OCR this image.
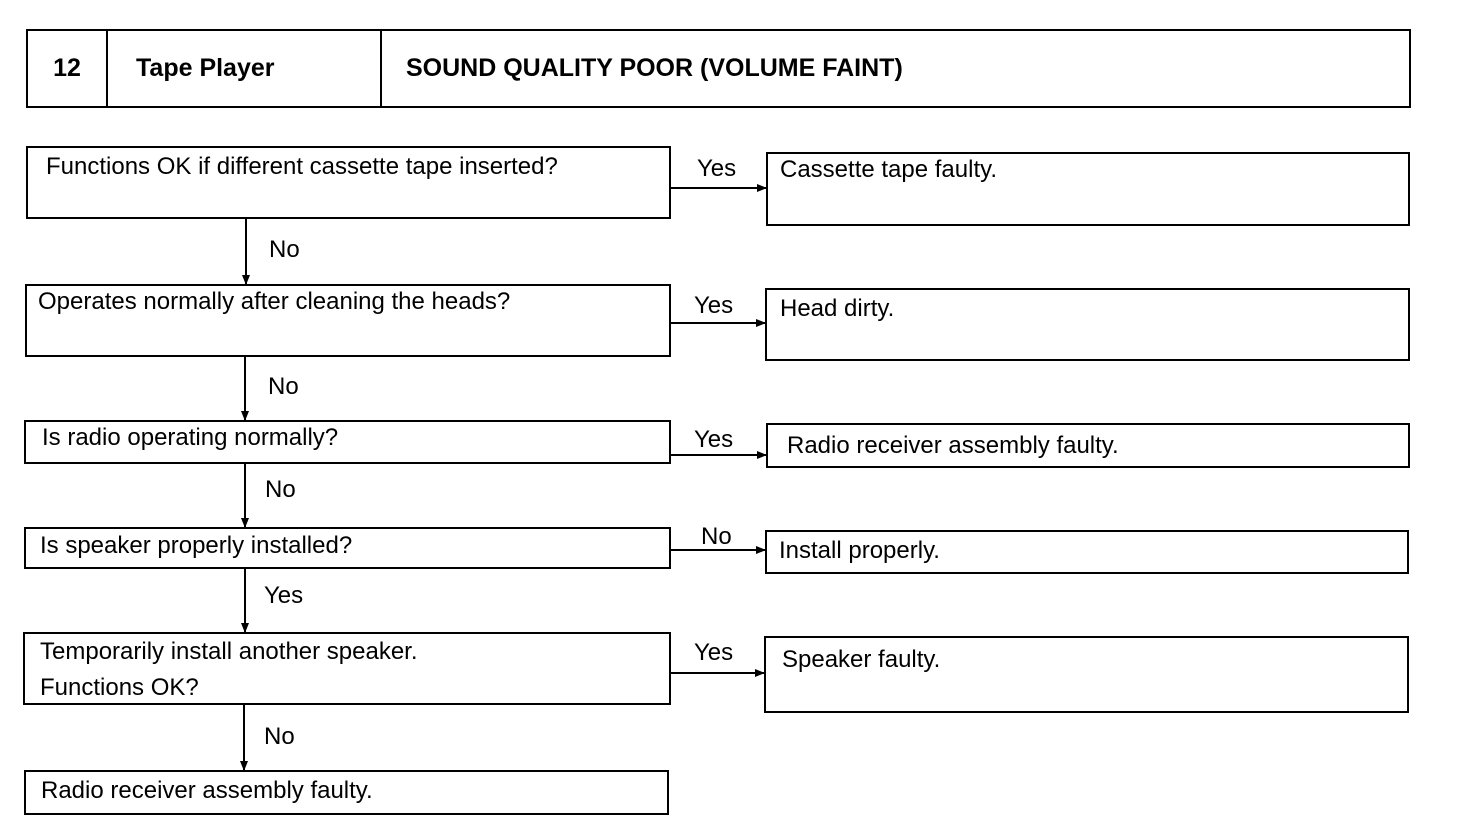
12	Tape Player	SOUND QUALITY POOR (VOLUME FAINT)
Functions OK if different cassette tape inserted?	Yes Cassette tape faulty.
No
Operates normally after cleaning the heads?	Yes Head dirty.
No
Is radio operating normally?	Yes Radio receiver assembly faulty.
No
Is speaker properly installed?	No
Install properly.
Yes
Temporarily install another speaker.
Functions OK?
Yes Speaker faulty.
No
Radio receiver assembly faulty.
